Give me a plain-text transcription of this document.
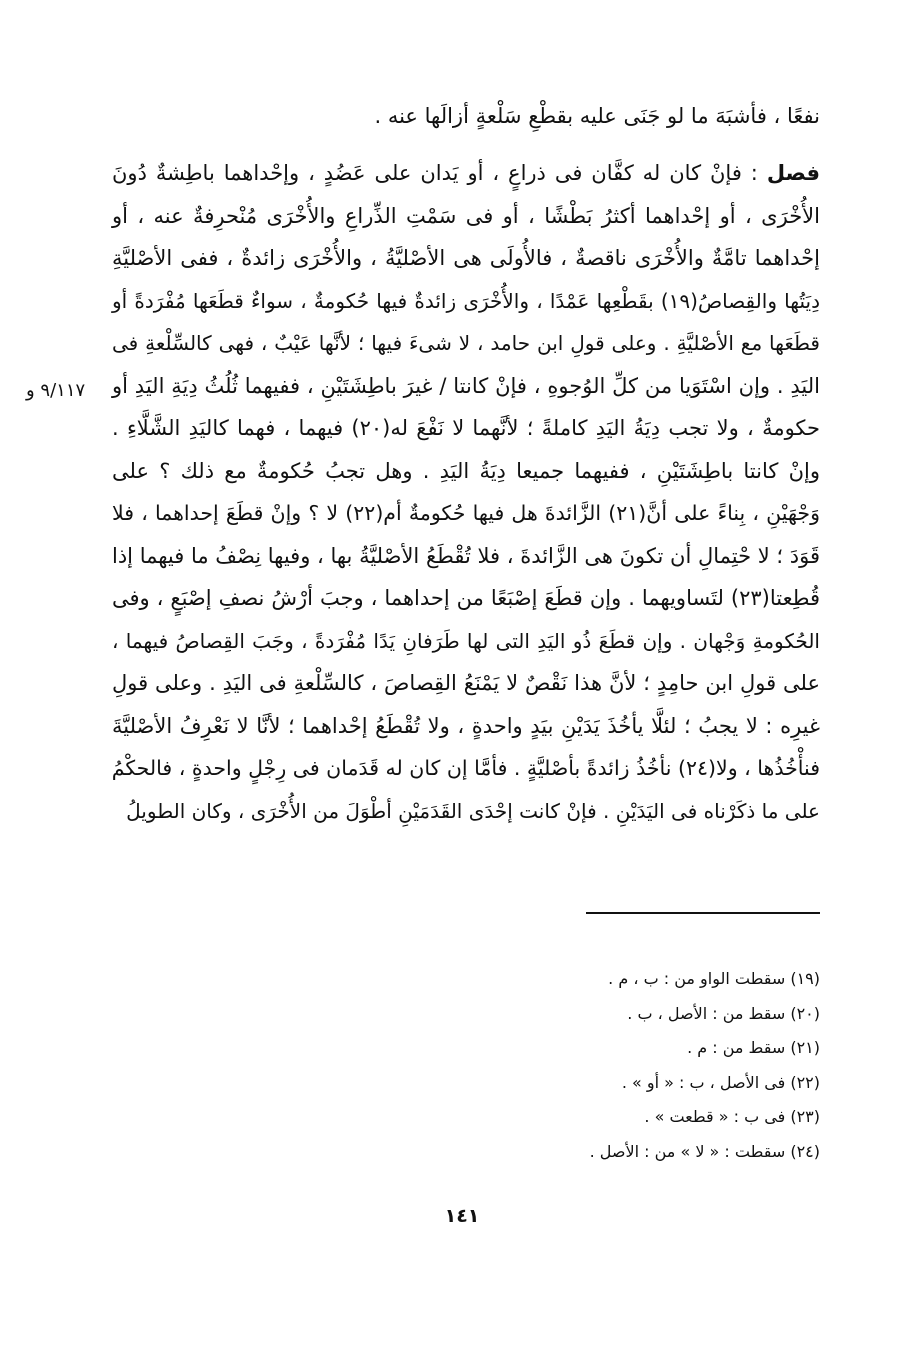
نفعًا ، فأشبَهَ ما لو جَنَى عليه بقطْعِ سَلْعةٍ أزالَها عنه .
فصل : فإنْ كان له كفَّان فى ذراعٍ ، أو يَدان على عَضُدٍ ، وإحْداهما باطِشةٌ دُونَ
الأُخْرَى ، أو إحْداهما أكثرُ بَطْشًا ، أو فى سَمْتِ الذِّراعِ والأُخْرَى مُنْحرِفةٌ عنه ، أو
إحْداهما تامَّةٌ والأُخْرَى ناقصةٌ ، فالأُولَى هى الأصْليَّةُ ، والأُخْرَى زائدةٌ ، ففى الأصْليَّةِ
دِيَتُها والقِصاصُ(١٩) بقَطْعِها عَمْدًا ، والأُخْرَى زائدةٌ فيها حُكومةٌ ، سواءٌ قطَعَها مُفْرَدةً أو
قطَعَها مع الأصْليَّةِ . وعلى قولِ ابن حامد ، لا شىءَ فيها ؛ لأنَّها عَيْبٌ ، فهى كالسِّلْعةِ فى
اليَدِ . وإن اسْتَوَيا من كلِّ الوُجوهِ ، فإنْ كانتا / غيرَ باطِشَتَيْنِ ، ففيهما ثُلُثُ دِيَةِ اليَدِ أو
حكومةٌ ، ولا تجب دِيَةُ اليَدِ كاملةً ؛ لأنَّهما لا نَفْعَ له(٢٠) فيهما ، فهما كاليَدِ الشَّلَّاءِ .
وإنْ كانتا باطِشَتَيْنِ ، ففيهما جميعا دِيَةُ اليَدِ . وهل تجبُ حُكومةٌ مع ذلك ؟ على
وَجْهَيْنِ ، بِناءً على أنَّ(٢١) الزَّائدةَ هل فيها حُكومةٌ أم(٢٢) لا ؟ وإنْ قطَعَ إحداهما ، فلا
قَوَدَ ؛ لا حْتِمالِ أن تكونَ هى الزَّائدةَ ، فلا تُقْطَعُ الأصْليَّةُ بها ، وفيها نِصْفُ ما فيهما إذا
قُطِعتا(٢٣) لتَساويهما . وإن قطَعَ إصْبَعًا من إحداهما ، وجبَ أرْشُ نصفِ إصْبَعٍ ، وفى
الحُكومةِ وَجْهان . وإن قطَعَ ذُو اليَدِ التى لها طَرَفانِ يَدًا مُفْرَدةً ، وجَبَ القِصاصُ فيهما ،
على قولِ ابن حامِدٍ ؛ لأنَّ هذا نَقْصٌ لا يَمْنَعُ القِصاصَ ، كالسِّلْعةِ فى اليَدِ . وعلى قولِ
غيرِه : لا يجبُ ؛ لئلَّا يأخُذَ يَدَيْنِ بيَدٍ واحدةٍ ، ولا تُقْطَعُ إحْداهما ؛ لأنَّا لا نَعْرِفُ الأصْليَّةَ
فنأْخُذُها ، ولا(٢٤) نأخُذُ زائدةً بأصْليَّةٍ . فأمَّا إن كان له قَدَمان فى رِجْلٍ واحدةٍ ، فالحكْمُ
على ما ذكَرْناه فى اليَدَيْنِ . فإنْ كانت إحْدَى القَدَمَيْنِ أطْوَلَ من الأُخْرَى ، وكان الطويلُ
٩/١١٧ و
(١٩) سقطت الواو من : ب ، م .
(٢٠) سقط من : الأصل ، ب .
(٢١) سقط من : م .
(٢٢) فى الأصل ، ب : « أو » .
(٢٣) فى ب : « قطعت » .
(٢٤) سقطت : « لا » من : الأصل .
١٤١
